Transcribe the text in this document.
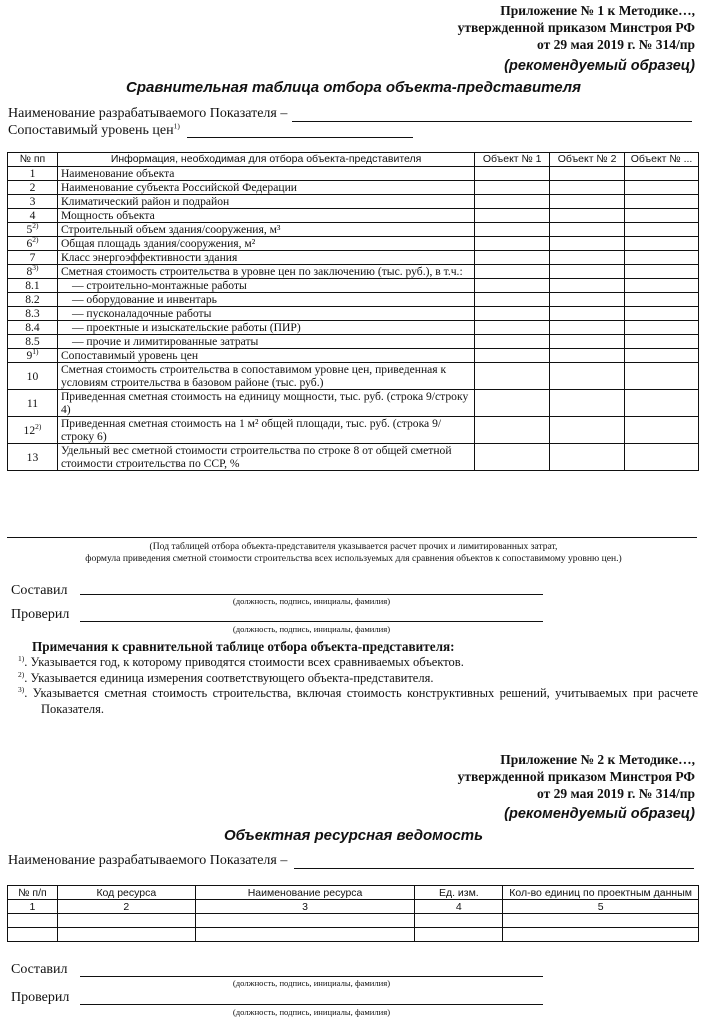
Приложение № 1 к Методике…,
утвержденной приказом Минстроя РФ
от 29 мая 2019 г. № 314/пр
(рекомендуемый образец)
Сравнительная таблица отбора объекта-представителя
Наименование разрабатываемого Показателя –
Сопоставимый уровень цен$^{1)}$
№ пп	Информация, необходимая для отбора объекта-представителя	Объект № 1	Объект № 2	Объект № ...
1	Наименование объекта			
2	Наименование субъекта Российской Федерации			
3	Климатический район и подрайон			
4	Мощность объекта			
5$^{2)}$	Строительный объем здания/сооружения, м³			
6$^{2)}$	Общая площадь здания/сооружения, м²			
7	Класс энергоэффективности здания			
8$^{3)}$	Сметная стоимость строительства в уровне цен по заключению (тыс. руб.), в т.ч.:			
8.1	— строительно-монтажные работы			
8.2	— оборудование и инвентарь			
8.3	— пусконаладочные работы			
8.4	— проектные и изыскательские работы (ПИР)			
8.5	— прочие и лимитированные затраты			
9$^{1)}$	Сопоставимый уровень цен			
10	Сметная стоимость строительства в сопоставимом уровне цен, приведенная к условиям строительства в базовом районе (тыс. руб.)			
11	Приведенная сметная стоимость на единицу мощности, тыс. руб. (строка 9/строку 4)			
12$^{2)}$	Приведенная сметная стоимость на 1 м² общей площади, тыс. руб. (строка 9/строку 6)			
13	Удельный вес сметной стоимости строительства по строке 8 от общей сметной стоимости строительства по ССР, %			
(Под таблицей отбора объекта-представителя указывается расчет прочих и лимитированных затрат,
формула приведения сметной стоимости строительства всех используемых для сравнения объектов к сопоставимому уровню цен.)
Составил
(должность, подпись, инициалы, фамилия)
Проверил
(должность, подпись, инициалы, фамилия)
Примечания к сравнительной таблице отбора объекта-представителя:
$^{1)}$. Указывается год, к которому приводятся стоимости всех сравниваемых объектов.
$^{2)}$. Указывается единица измерения соответствующего объекта-представителя.
$^{3)}$. Указывается сметная стоимость строительства, включая стоимость конструктивных решений, учитываемых при расчете Показателя.
Приложение № 2 к Методике…,
утвержденной приказом Минстроя РФ
от 29 мая 2019 г. № 314/пр
(рекомендуемый образец)
Объектная ресурсная ведомость
Наименование разрабатываемого Показателя –
№ п/п	Код ресурса	Наименование ресурса	Ед. изм.	Кол-во единиц по проектным данным
1	2	3	4	5

Составил
(должность, подпись, инициалы, фамилия)
Проверил
(должность, подпись, инициалы, фамилия)
